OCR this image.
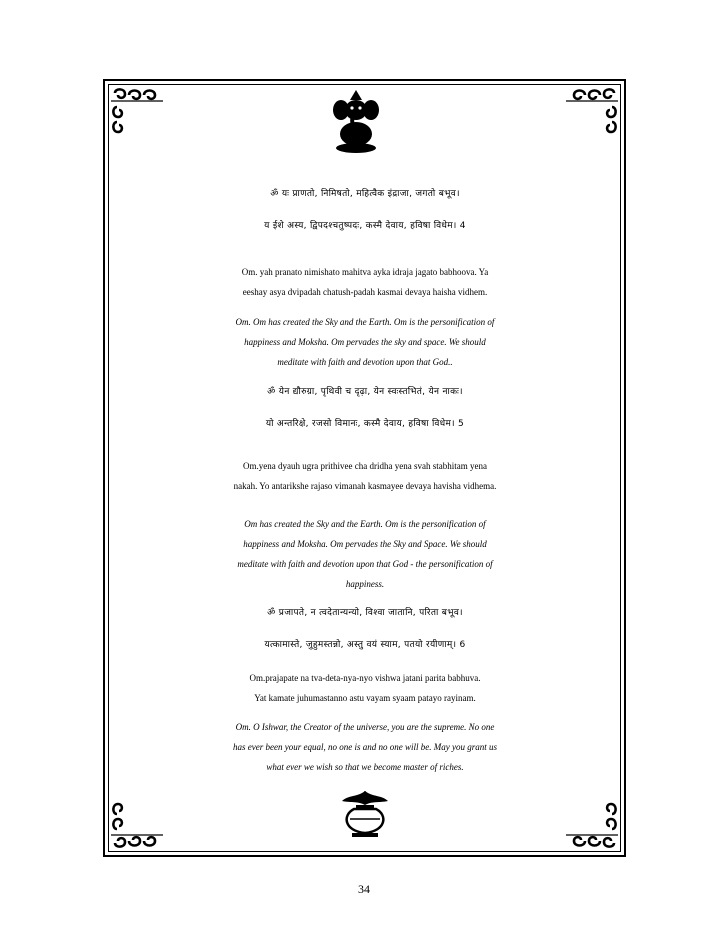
ॐ यः प्राणतो, निमिषतो, महित्वैक इंद्राजा, जगतो बभूव।
य ईशे अस्य, द्विपदश्चतुष्पदः, कस्मै देवाय, हविषा विधेम। 4
Om. yah pranato nimishato mahitva ayka idraja jagato babhoova. Ya
eeshay asya dvipadah chatush-padah kasmai devaya haisha vidhem.
Om. Om has created the Sky and the Earth. Om is the personification of
happiness and Moksha. Om pervades the sky and space. We should
meditate with faith and devotion upon that God..
ॐ येन द्यौरुग्रा, पृथिवी च दृढ़ा, येन स्वःस्तभितं, येन नाकः।
यो अन्तरिक्षे, रजसो विमानः, कस्मै देवाय, हविषा विधेम। 5
Om.yena dyauh ugra prithivee cha dridha yena svah stabhitam yena
nakah. Yo antarikshe rajaso vimanah kasmayee devaya havisha vidhema.
Om has created the Sky and the Earth. Om is the personification of
happiness and Moksha. Om pervades the Sky and Space. We should
meditate with faith and devotion upon that God - the personification of
happiness.
ॐ प्रजापते, न त्वदेतान्यन्यो, विश्वा जातानि, परिता बभूव।
यत्कामास्ते, जुहुमस्तन्नो, अस्तु वयं स्याम, पतयो रयीणाम्। 6
Om.prajapate na tva-deta-nya-nyo vishwa jatani parita babhuva.
Yat kamate juhumastanno astu vayam syaam patayo rayinam.
Om. O Ishwar, the Creator of the universe, you are the supreme. No one
has ever been your equal, no one is and no one will be. May you grant us
what ever we wish so that we become master of riches.
34
